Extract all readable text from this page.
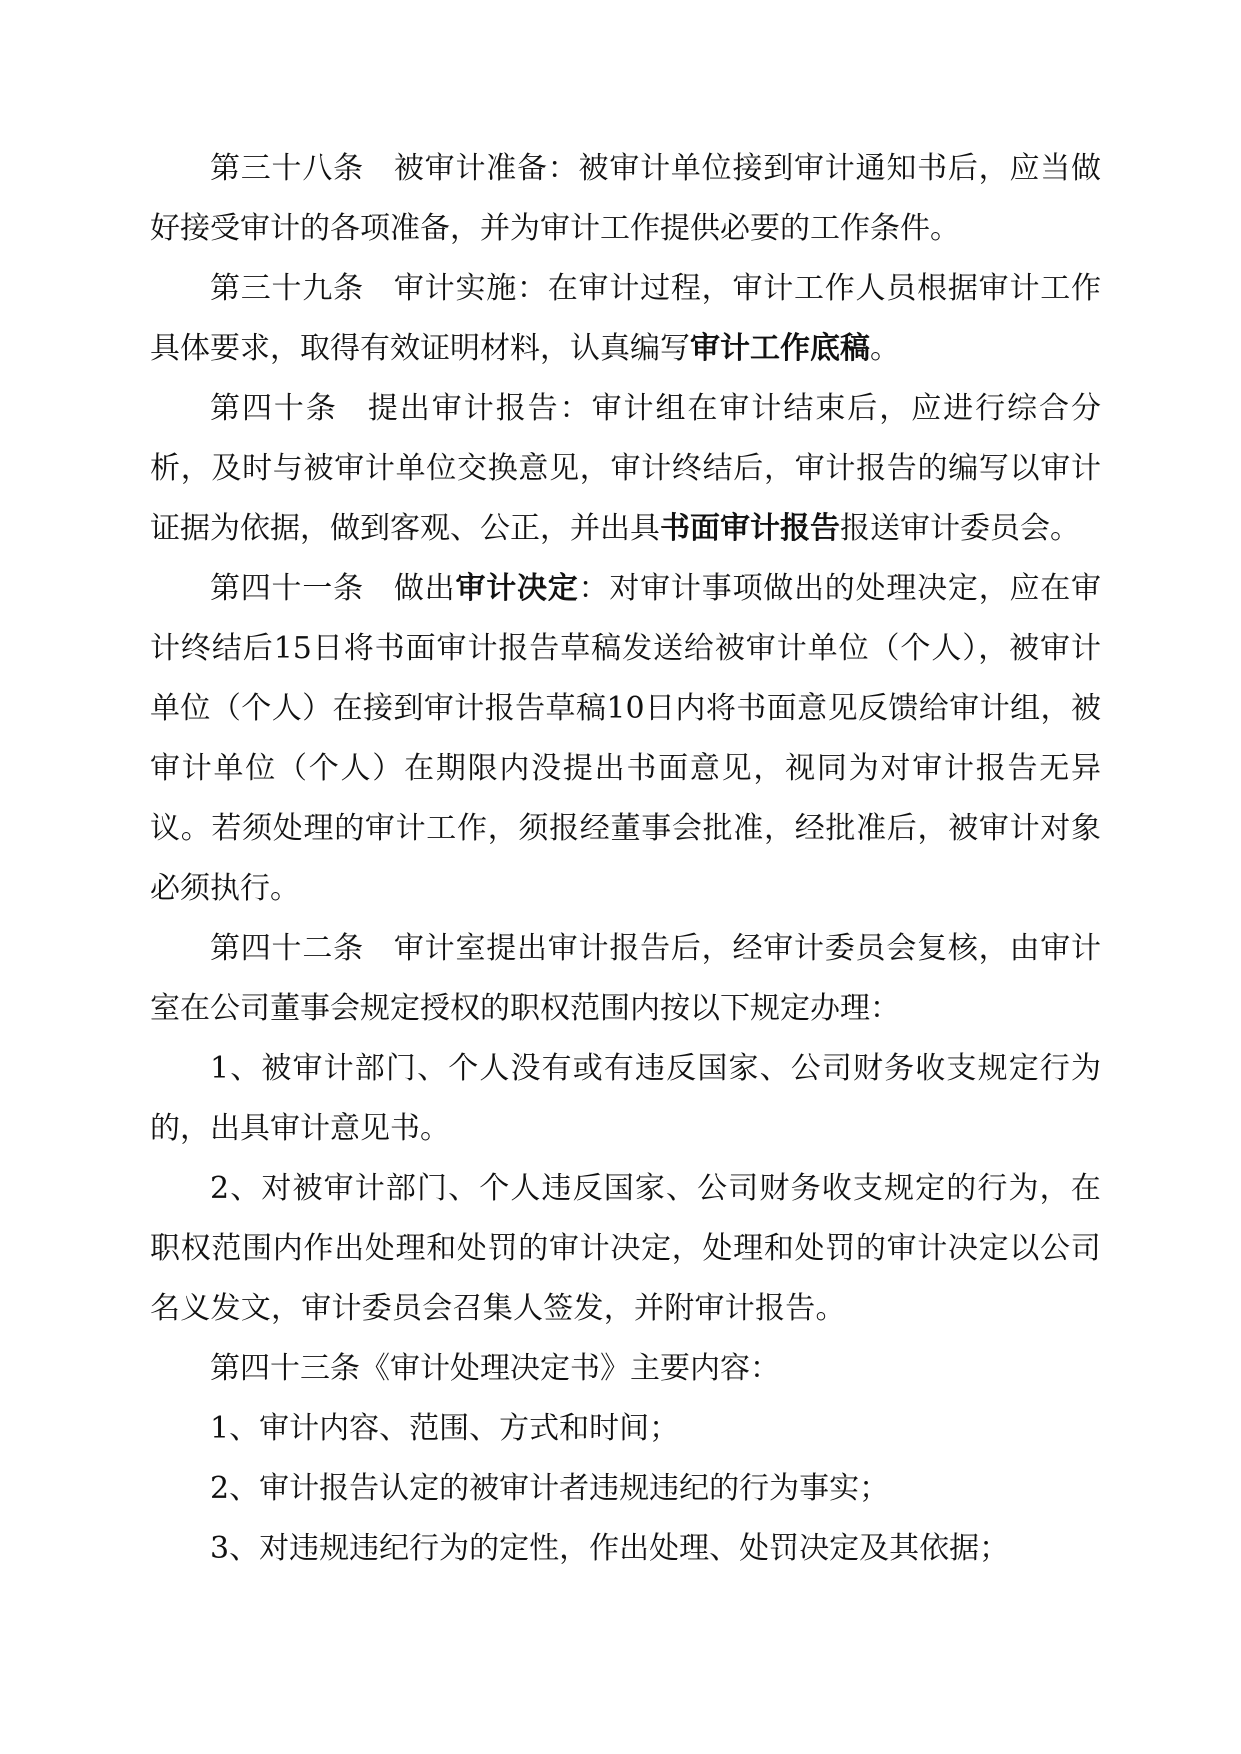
第三十八条 被审计准备：被审计单位接到审计通知书后，应当做好接受审计的各项准备，并为审计工作提供必要的工作条件。

第三十九条 审计实施：在审计过程，审计工作人员根据审计工作具体要求，取得有效证明材料，认真编写审计工作底稿。

第四十条 提出审计报告：审计组在审计结束后，应进行综合分析，及时与被审计单位交换意见，审计终结后，审计报告的编写以审计证据为依据，做到客观、公正，并出具书面审计报告报送审计委员会。

第四十一条 做出审计决定：对审计事项做出的处理决定，应在审计终结后15日将书面审计报告草稿发送给被审计单位（个人），被审计单位（个人）在接到审计报告草稿10日内将书面意见反馈给审计组，被审计单位（个人）在期限内没提出书面意见，视同为对审计报告无异议。若须处理的审计工作，须报经董事会批准，经批准后，被审计对象必须执行。

第四十二条 审计室提出审计报告后，经审计委员会复核，由审计室在公司董事会规定授权的职权范围内按以下规定办理：

1、被审计部门、个人没有或有违反国家、公司财务收支规定行为的，出具审计意见书。

2、对被审计部门、个人违反国家、公司财务收支规定的行为，在职权范围内作出处理和处罚的审计决定，处理和处罚的审计决定以公司名义发文，审计委员会召集人签发，并附审计报告。

第四十三条《审计处理决定书》主要内容：

1、审计内容、范围、方式和时间；

2、审计报告认定的被审计者违规违纪的行为事实；

3、对违规违纪行为的定性，作出处理、处罚决定及其依据；
